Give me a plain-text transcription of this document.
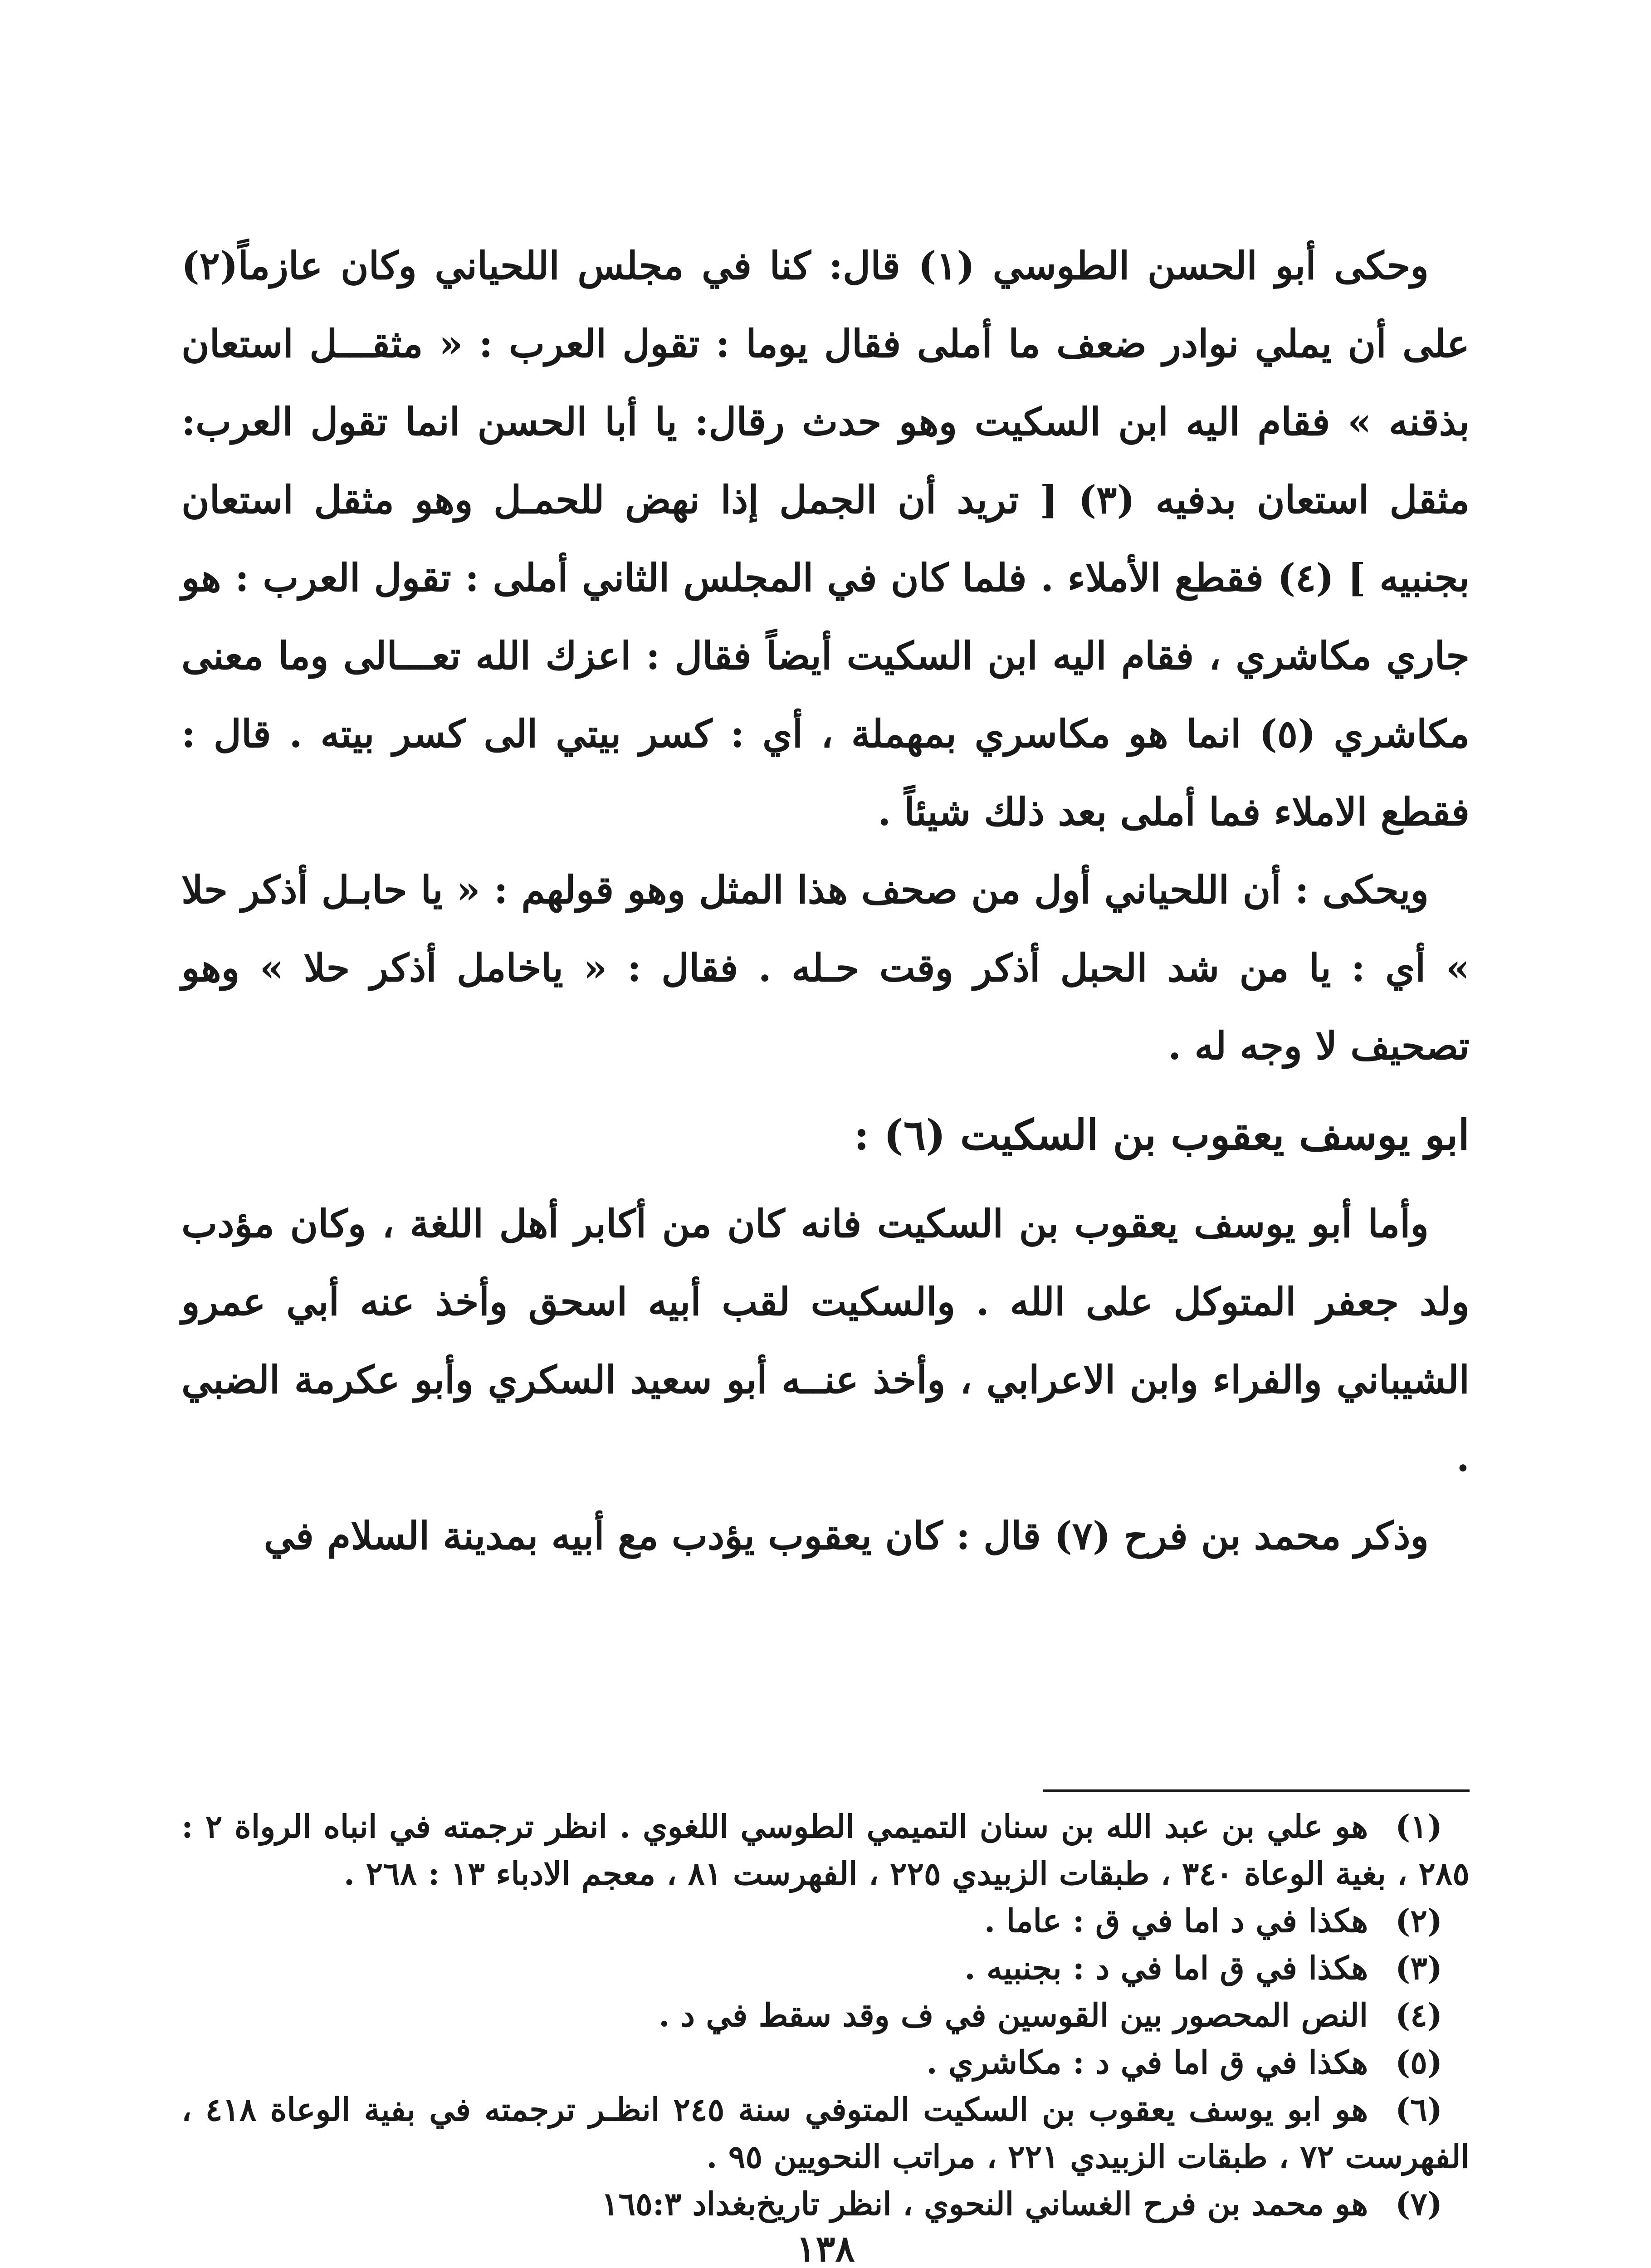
وحكى أبو الحسن الطوسي (١) قال: كنا في مجلس اللحياني وكان عازماً(٢) على أن يملي نوادر ضعف ما أملى فقال يوما : تقول العرب : « مثقـــل استعان بذقنه » فقام اليه ابن السكيت وهو حدث رقال: يا أبا الحسن انما تقول العرب: مثقل استعان بدفيه (٣) [ تريد أن الجمل إذا نهض للحمـل وهو مثقل استعان بجنبيه ] (٤) فقطع الأملاء . فلما كان في المجلس الثاني أملى : تقول العرب : هو جاري مكاشري ، فقام اليه ابن السكيت أيضاً فقال : اعزك الله تعـــالى وما معنى مكاشري (٥) انما هو مكاسري بمهملة ، أي : كسر بيتي الى كسر بيته . قال : فقطع الاملاء فما أملى بعد ذلك شيئاً .

ويحكى : أن اللحياني أول من صحف هذا المثل وهو قولهم : « يا حابـل أذكر حلا » أي : يا من شد الحبل أذكر وقت حـله . فقال : « ياخامل أذكر حلا » وهو تصحيف لا وجه له .

ابو يوسف يعقوب بن السكيت (٦) :

وأما أبو يوسف يعقوب بن السكيت فانه كان من أكابر أهل اللغة ، وكان مؤدب ولد جعفر المتوكل على الله . والسكيت لقب أبيه اسحق وأخذ عنه أبي عمرو الشيباني والفراء وابن الاعرابي ، وأخذ عنــه أبو سعيد السكري وأبو عكرمة الضبي .

وذكر محمد بن فرح (٧) قال : كان يعقوب يؤدب مع أبيه بمدينة السلام في

(١)هو علي بن عبد الله بن سنان التميمي الطوسي اللغوي . انظر ترجمته في انباه الرواة ٢ : ٢٨٥ ، بغية الوعاة ٣٤٠ ، طبقات الزبيدي ٢٢٥ ، الفهرست ٨١ ، معجم الادباء ١٣ : ٢٦٨ .

(٢)هكذا في د اما في ق : عاما .

(٣)هكذا في ق اما في د : بجنبيه .

(٤)النص المحصور بين القوسين في ف وقد سقط في د .

(٥)هكذا في ق اما في د : مكاشري .

(٦)هو ابو يوسف يعقوب بن السكيت المتوفي سنة ٢٤٥ انظـر ترجمته في بفية الوعاة ٤١٨ ، الفهرست ٧٢ ، طبقات الزبيدي ٢٢١ ، مراتب النحويين ٩٥ .

(٧)هو محمد بن فرح الغساني النحوي ، انظر تاريخ‌بغداد ١٦٥:٣

١٣٨
